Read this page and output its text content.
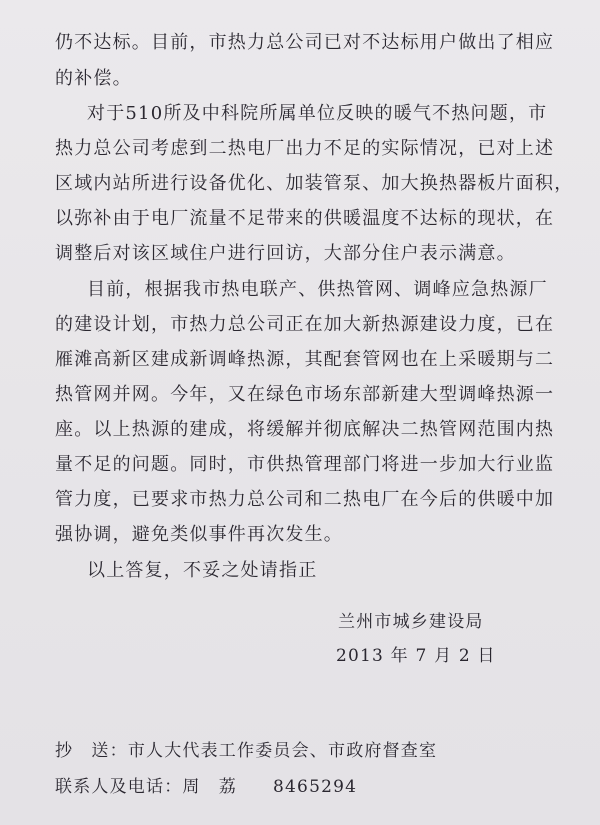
仍不达标。目前，市热力总公司已对不达标用户做出了相应
的补偿。
对于510所及中科院所属单位反映的暖气不热问题，市
热力总公司考虑到二热电厂出力不足的实际情况，已对上述
区域内站所进行设备优化、加装管泵、加大换热器板片面积，
以弥补由于电厂流量不足带来的供暖温度不达标的现状，在
调整后对该区域住户进行回访，大部分住户表示满意。
目前，根据我市热电联产、供热管网、调峰应急热源厂
的建设计划，市热力总公司正在加大新热源建设力度，已在
雁滩高新区建成新调峰热源，其配套管网也在上采暖期与二
热管网并网。今年，又在绿色市场东部新建大型调峰热源一
座。以上热源的建成，将缓解并彻底解决二热管网范围内热
量不足的问题。同时，市供热管理部门将进一步加大行业监
管力度，已要求市热力总公司和二热电厂在今后的供暖中加
强协调，避免类似事件再次发生。
以上答复，不妥之处请指正
兰州市城乡建设局
2013 年 7 月 2 日
抄　送：市人大代表工作委员会、市政府督查室
联系人及电话：周　荔 8465294
